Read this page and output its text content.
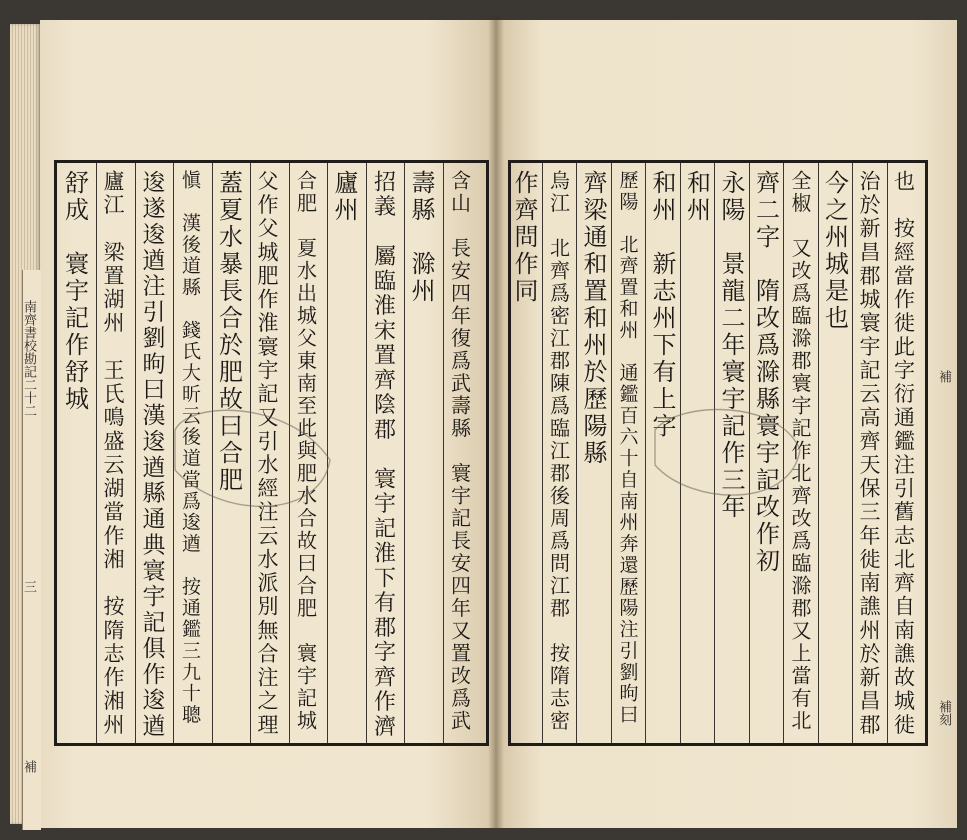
南齊書校勘記二十二
三
補
補
補刻
含山　長安四年復爲武壽縣　寰宇記長安四年又置改爲武
壽縣　滁州
招義　屬臨淮宋置齊陰郡　寰宇記淮下有郡字齊作濟
廬州
合肥　夏水出城父東南至此與肥水合故曰合肥　寰宇記城
父作父城肥作淮寰宇記又引水經注云水派別無合注之理
蓋夏水暴長合於肥故曰合肥
愼　漢後道縣　錢氏大昕云後道當爲逡遒　按通鑑三九十聰
逡遂逡遒注引劉昫曰漢逡遒縣通典寰宇記俱作逡遒
廬江　梁置湖州　王氏鳴盛云湖當作湘　按隋志作湘州
舒成　寰宇記作舒城	也　按經當作徙此字衍通鑑注引舊志北齊自南譙故城徙
治於新昌郡城寰宇記云高齊天保三年徙南譙州於新昌郡
今之州城是也
全椒　又改爲臨滁郡寰宇記作北齊改爲臨滁郡又上當有北
齊二字　隋改爲滁縣寰宇記改作初
永陽　景龍二年寰宇記作三年
和州
和州　新志州下有上字
歷陽　北齊置和州　通鑑百六十自南州奔還歷陽注引劉昫曰
齊梁通和置和州於歷陽縣
烏江　北齊爲密江郡陳爲臨江郡後周爲問江郡　按隋志密
作齊問作同
